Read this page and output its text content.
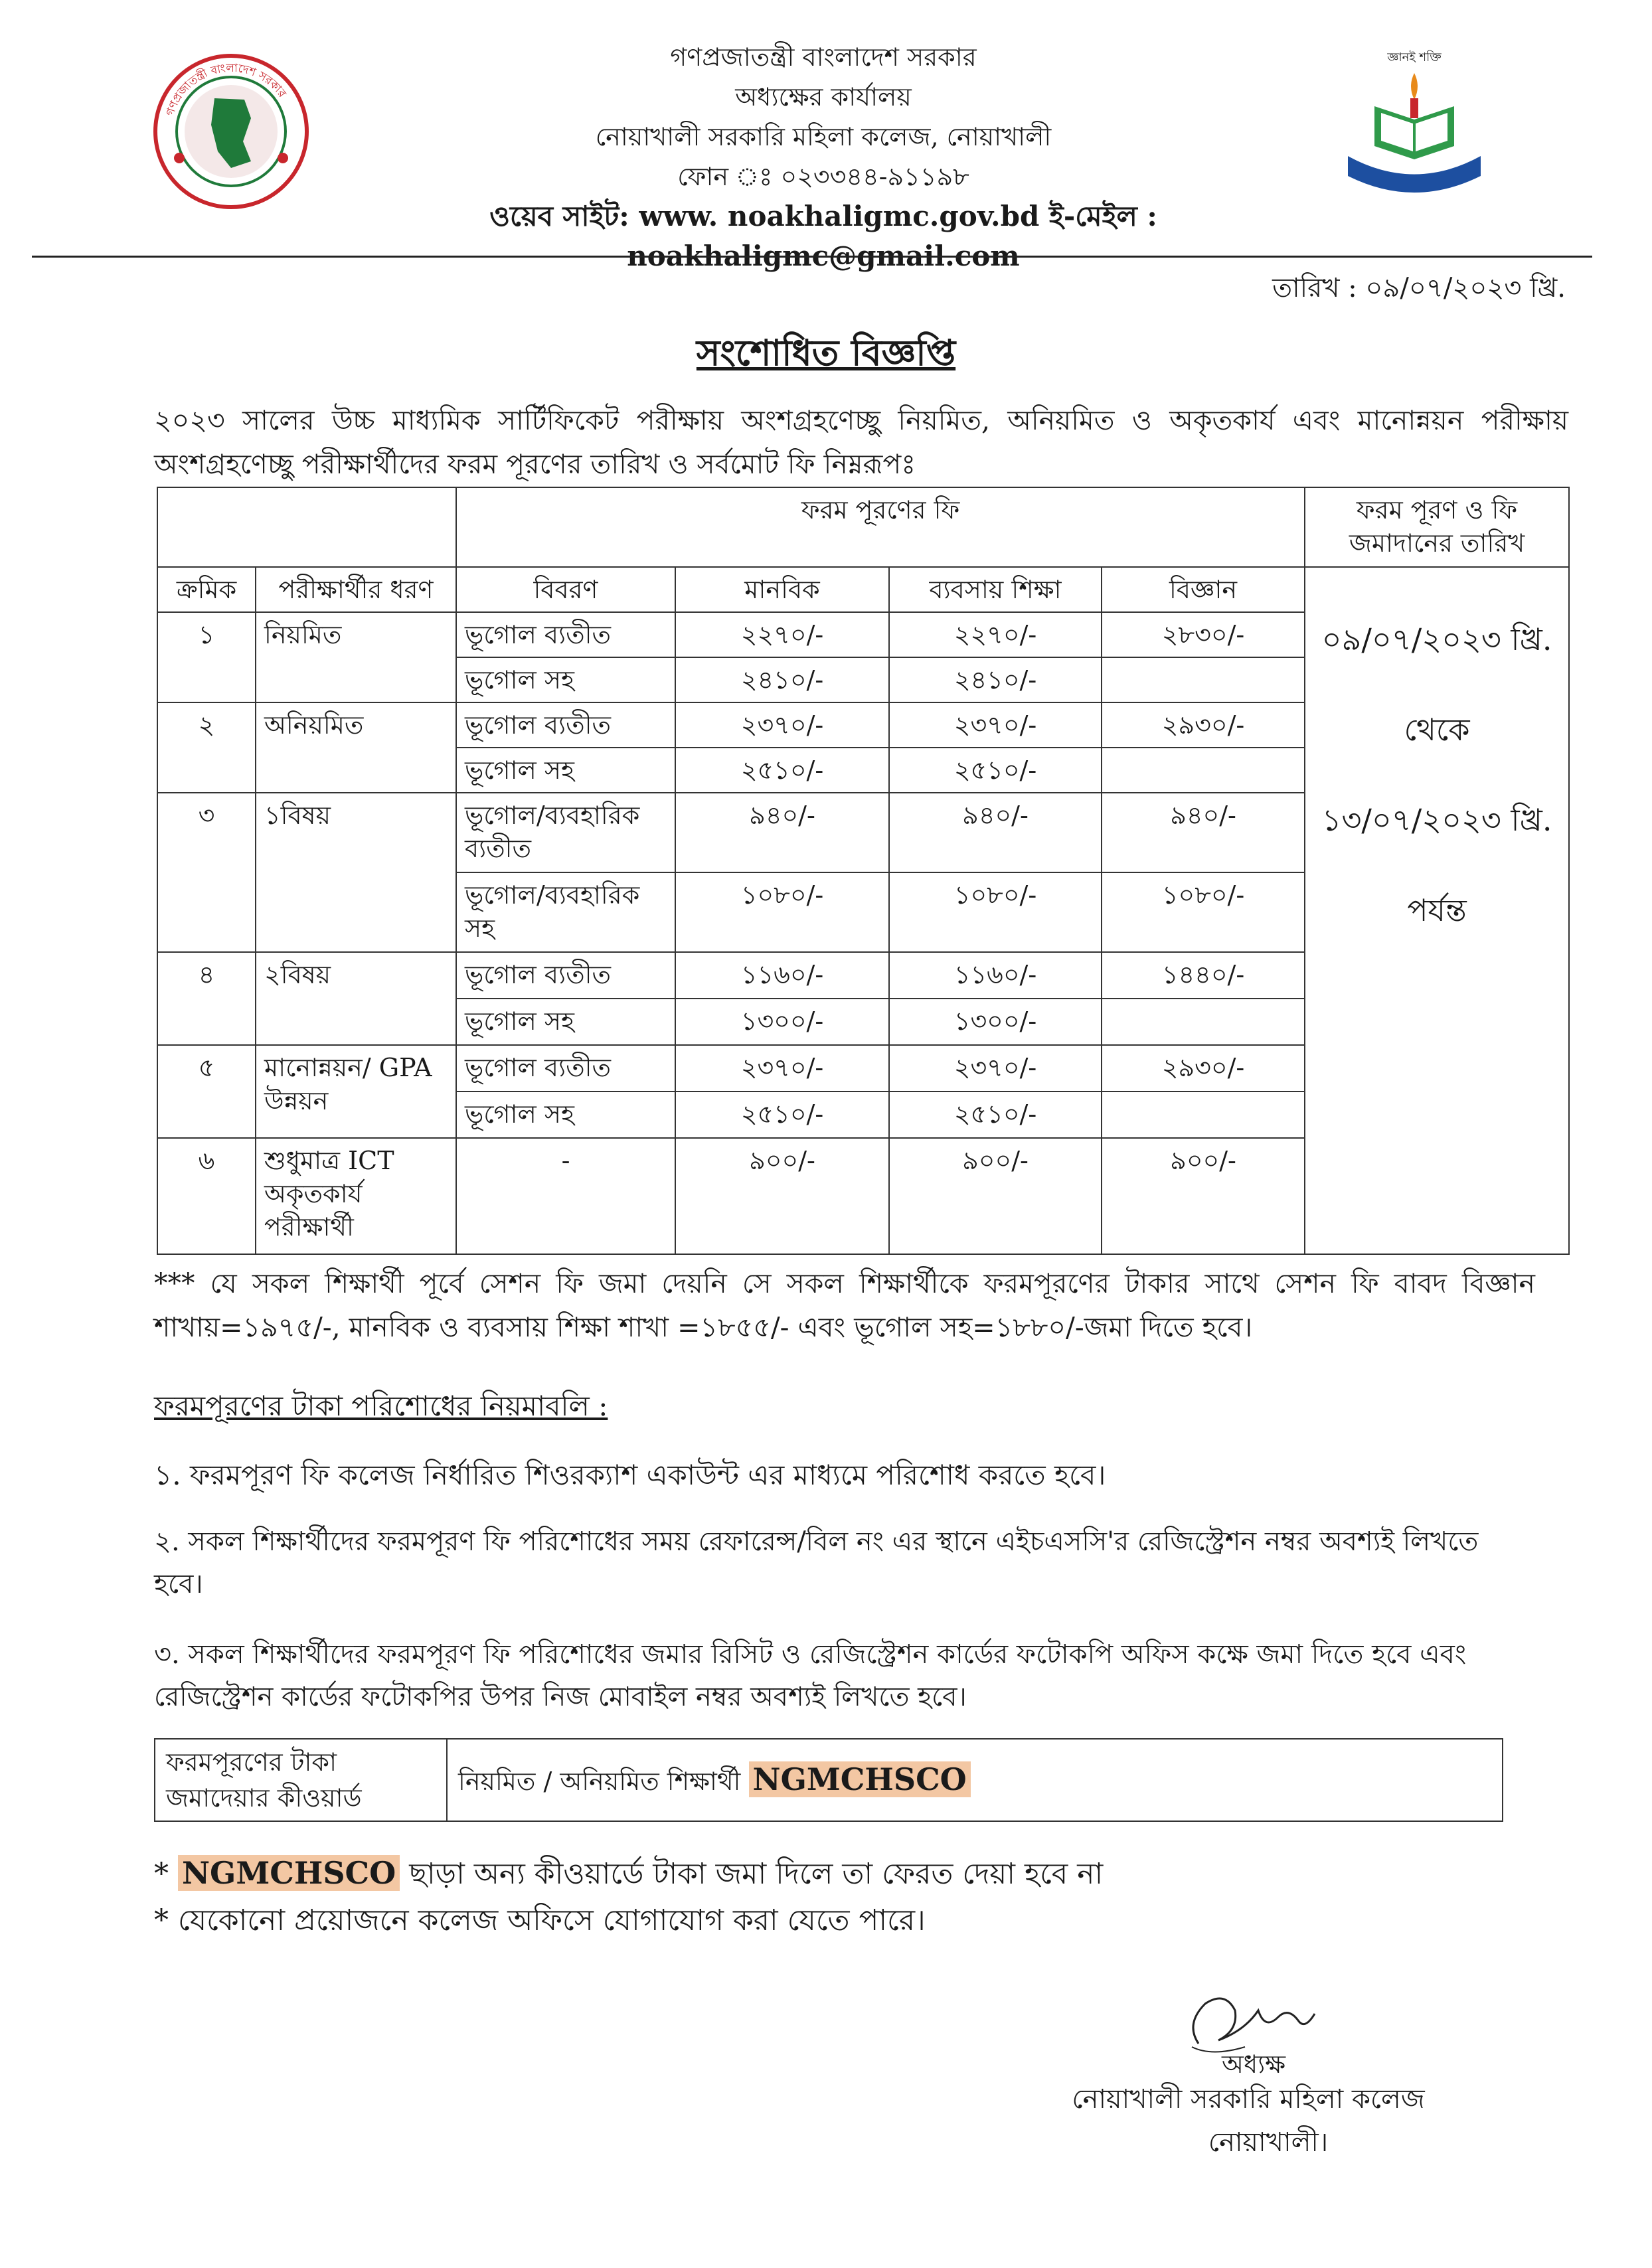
গণপ্রজাতন্ত্রী বাংলাদেশ সরকার
জ্ঞানই শক্তি
গণপ্রজাতন্ত্রী বাংলাদেশ সরকার
অধ্যক্ষের কার্যালয়
নোয়াখালী সরকারি মহিলা কলেজ, নোয়াখালী
ফোন ঃ ০২৩৩৪৪-৯১১৯৮
ওয়েব সাইট: www. noakhaligmc.gov.bd ই-মেইল : noakhaligmc@gmail.com
তারিখ : ০৯/০৭/২০২৩ খ্রি.
সংশোধিত বিজ্ঞপ্তি
২০২৩ সালের উচ্চ মাধ্যমিক সার্টিফিকেট পরীক্ষায় অংশগ্রহণেচ্ছু নিয়মিত, অনিয়মিত ও অকৃতকার্য এবং মানোন্নয়ন পরীক্ষায় অংশগ্রহণেচ্ছু পরীক্ষার্থীদের ফরম পূরণের তারিখ ও সর্বমোট ফি নিম্নরূপঃ
		ফরম পূরণের ফি				ফরম পূরণ ও ফি জমাদানের তারিখ
ক্রমিক	পরীক্ষার্থীর ধরণ	বিবরণ	মানবিক	ব্যবসায় শিক্ষা	বিজ্ঞান	০৯/০৭/২০২৩ খ্রি.
থেকে
১৩/০৭/২০২৩ খ্রি.
পর্যন্ত

১	নিয়মিত	ভূগোল ব্যতীত	২২৭০/-	২২৭০/-	২৮৩০/-	
		ভূগোল সহ	২৪১০/-	২৪১০/-		
২	অনিয়মিত	ভূগোল ব্যতীত	২৩৭০/-	২৩৭০/-	২৯৩০/-	
		ভূগোল সহ	২৫১০/-	২৫১০/-		
৩	১বিষয়	ভূগোল/ব্যবহারিক ব্যতীত	৯৪০/-	৯৪০/-	৯৪০/-	
		ভূগোল/ব্যবহারিক সহ	১০৮০/-	১০৮০/-	১০৮০/-	
৪	২বিষয়	ভূগোল ব্যতীত	১১৬০/-	১১৬০/-	১৪৪০/-	
		ভূগোল সহ	১৩০০/-	১৩০০/-		
৫	মানোন্নয়ন/ GPA উন্নয়ন	ভূগোল ব্যতীত	২৩৭০/-	২৩৭০/-	২৯৩০/-	
		ভূগোল সহ	২৫১০/-	২৫১০/-		
৬	শুধুমাত্র ICT অকৃতকার্য পরীক্ষার্থী	-	৯০০/-	৯০০/-	৯০০/-	
*** যে সকল শিক্ষার্থী পূর্বে সেশন ফি জমা দেয়নি সে সকল শিক্ষার্থীকে ফরমপূরণের টাকার সাথে সেশন ফি বাবদ বিজ্ঞান শাখায়=১৯৭৫/-, মানবিক ও ব্যবসায় শিক্ষা শাখা =১৮৫৫/- এবং ভূগোল সহ=১৮৮০/-জমা দিতে হবে।
ফরমপূরণের টাকা পরিশোধের নিয়মাবলি :
১. ফরমপূরণ ফি কলেজ নির্ধারিত শিওরক্যাশ একাউন্ট এর মাধ্যমে পরিশোধ করতে হবে।
২. সকল শিক্ষার্থীদের ফরমপূরণ ফি পরিশোধের সময় রেফারেন্স/বিল নং এর স্থানে এইচএসসি'র রেজিস্ট্রেশন নম্বর অবশ্যই লিখতে হবে।
৩. সকল শিক্ষার্থীদের ফরমপূরণ ফি পরিশোধের জমার রিসিট ও রেজিস্ট্রেশন কার্ডের ফটোকপি অফিস কক্ষে জমা দিতে হবে এবং রেজিস্ট্রেশন কার্ডের ফটোকপির উপর নিজ মোবাইল নম্বর অবশ্যই লিখতে হবে।
ফরমপূরণের টাকা জমাদেয়ার কীওয়ার্ড	নিয়মিত / অনিয়মিত শিক্ষার্থী NGMCHSCO
* NGMCHSCO ছাড়া অন্য কীওয়ার্ডে টাকা জমা দিলে তা ফেরত দেয়া হবে না
* যেকোনো প্রয়োজনে কলেজ অফিসে যোগাযোগ করা যেতে পারে।
অধ্যক্ষ
নোয়াখালী সরকারি মহিলা কলেজ
নোয়াখালী।
